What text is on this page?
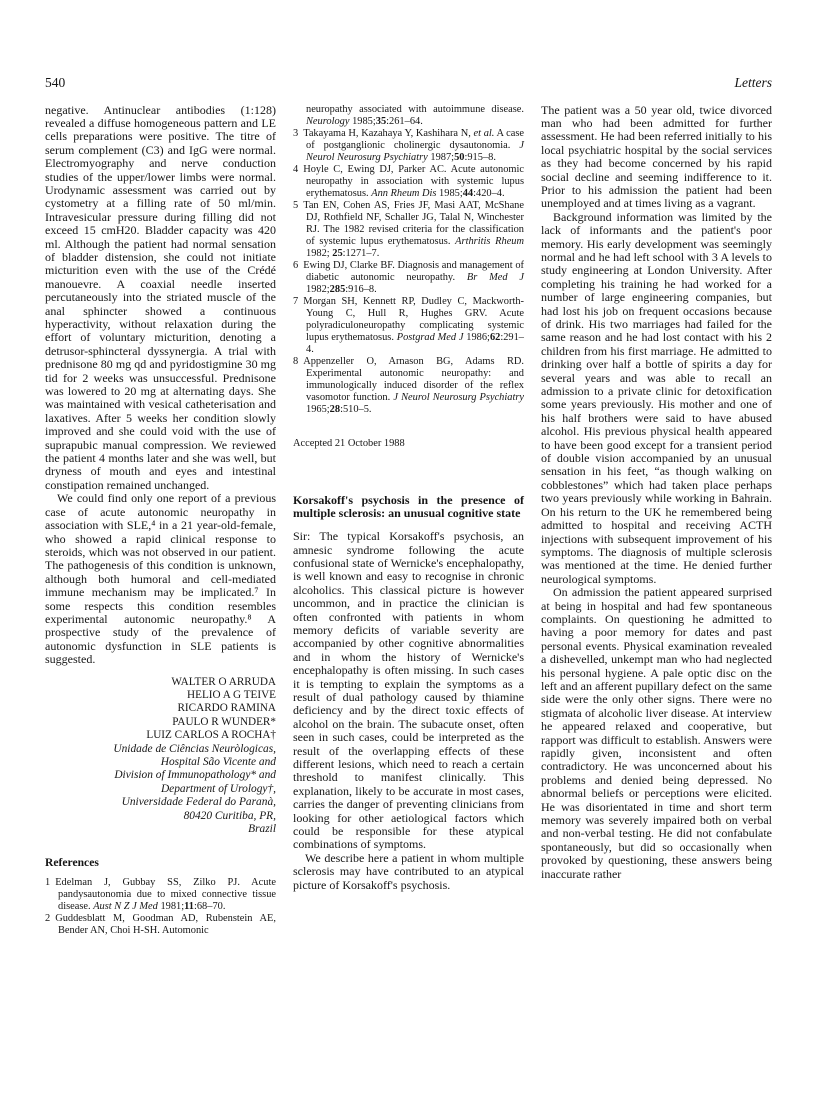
540	Letters

negative. Antinuclear antibodies (1:128) revealed a diffuse homogeneous pattern and LE cells preparations were positive. The titre of serum complement (C3) and IgG were normal. Electromyography and nerve conduction studies of the upper/lower limbs were normal. Urodynamic assessment was carried out by cystometry at a filling rate of 50 ml/min. Intravesicular pressure during filling did not exceed 15 cmH20. Bladder capacity was 420 ml. Although the patient had normal sensation of bladder distension, she could not initiate micturition even with the use of the Crédé manouevre. A coaxial needle inserted percutaneously into the striated muscle of the anal sphincter showed a continuous hyperactivity, without relaxation during the effort of voluntary micturition, denoting a detrusor-sphincteral dyssynergia. A trial with prednisone 80 mg qd and pyridostigmine 30 mg tid for 2 weeks was unsuccessful. Prednisone was lowered to 20 mg at alternating days. She was maintained with vesical catheterisation and laxatives. After 5 weeks her condition slowly improved and she could void with the use of suprapubic manual compression. We reviewed the patient 4 months later and she was well, but dryness of mouth and eyes and intestinal constipation remained unchanged.

We could find only one report of a previous case of acute autonomic neuropathy in association with SLE,⁴ in a 21 year-old-female, who showed a rapid clinical response to steroids, which was not observed in our patient. The pathogenesis of this condition is unknown, although both humoral and cell-mediated immune mechanism may be implicated.⁷ In some respects this condition resembles experimental autonomic neuropathy.⁸ A prospective study of the prevalence of autonomic dysfunction in SLE patients is suggested.

WALTER O ARRUDA
HELIO A G TEIVE
RICARDO RAMINA
PAULO R WUNDER*
LUIZ CARLOS A ROCHA†
Unidade de Ciências Neuròlogicas,
Hospital São Vicente and
Division of Immunopathology* and
Department of Urology†,
Universidade Federal do Paranà,
80420 Curitiba, PR,
Brazil
References

1 Edelman J, Gubbay SS, Zilko PJ. Acute pandysautonomia due to mixed connective tissue disease. Aust N Z J Med 1981;11:68–70.

2 Guddesblatt M, Goodman AD, Rubenstein AE, Bender AN, Choi H-SH. Automonic

neuropathy associated with autoimmune disease. Neurology 1985;35:261–64.

3 Takayama H, Kazahaya Y, Kashihara N, et al. A case of postganglionic cholinergic dysautonomia. J Neurol Neurosurg Psychiatry 1987;50:915–8.

4 Hoyle C, Ewing DJ, Parker AC. Acute autonomic neuropathy in association with systemic lupus erythematosus. Ann Rheum Dis 1985;44:420–4.

5 Tan EN, Cohen AS, Fries JF, Masi AAT, McShane DJ, Rothfield NF, Schaller JG, Talal N, Winchester RJ. The 1982 revised criteria for the classification of systemic lupus erythematosus. Arthritis Rheum 1982; 25:1271–7.

6 Ewing DJ, Clarke BF. Diagnosis and management of diabetic autonomic neuropathy. Br Med J 1982;285:916–8.

7 Morgan SH, Kennett RP, Dudley C, Mackworth-Young C, Hull R, Hughes GRV. Acute polyradiculoneuropathy complicating systemic lupus erythematosus. Postgrad Med J 1986;62:291–4.

8 Appenzeller O, Arnason BG, Adams RD. Experimental autonomic neuropathy: and immunologically induced disorder of the reflex vasomotor function. J Neurol Neurosurg Psychiatry 1965;28:510–5.

Accepted 21 October 1988

Korsakoff's psychosis in the presence of multiple sclerosis: an unusual cognitive state

Sir: The typical Korsakoff's psychosis, an amnesic syndrome following the acute confusional state of Wernicke's encephalopathy, is well known and easy to recognise in chronic alcoholics. This classical picture is however uncommon, and in practice the clinician is often confronted with patients in whom memory deficits of variable severity are accompanied by other cognitive abnormalities and in whom the history of Wernicke's encephalopathy is often missing. In such cases it is tempting to explain the symptoms as a result of dual pathology caused by thiamine deficiency and by the direct toxic effects of alcohol on the brain. The subacute onset, often seen in such cases, could be interpreted as the result of the overlapping effects of these different lesions, which need to reach a certain threshold to manifest clinically. This explanation, likely to be accurate in most cases, carries the danger of preventing clinicians from looking for other aetiological factors which could be responsible for these atypical combinations of symptoms.

We describe here a patient in whom multiple sclerosis may have contributed to an atypical picture of Korsakoff's psychosis.

The patient was a 50 year old, twice divorced man who had been admitted for further assessment. He had been referred initially to his local psychiatric hospital by the social services as they had become concerned by his rapid social decline and seeming indifference to it. Prior to his admission the patient had been unemployed and at times living as a vagrant.

Background information was limited by the lack of informants and the patient's poor memory. His early development was seemingly normal and he had left school with 3 A levels to study engineering at London University. After completing his training he had worked for a number of large engineering companies, but had lost his job on frequent occasions because of drink. His two marriages had failed for the same reason and he had lost contact with his 2 children from his first marriage. He admitted to drinking over half a bottle of spirits a day for several years and was able to recall an admission to a private clinic for detoxification some years previously. His mother and one of his half brothers were said to have abused alcohol. His previous physical health appeared to have been good except for a transient period of double vision accompanied by an unusual sensation in his feet, “as though walking on cobblestones” which had taken place perhaps two years previously while working in Bahrain. On his return to the UK he remembered being admitted to hospital and receiving ACTH injections with subsequent improvement of his symptoms. The diagnosis of multiple sclerosis was mentioned at the time. He denied further neurological symptoms.

On admission the patient appeared surprised at being in hospital and had few spontaneous complaints. On questioning he admitted to having a poor memory for dates and past personal events. Physical examination revealed a dishevelled, unkempt man who had neglected his personal hygiene. A pale optic disc on the left and an afferent pupillary defect on the same side were the only other signs. There were no stigmata of alcoholic liver disease. At interview he appeared relaxed and cooperative, but rapport was difficult to establish. Answers were rapidly given, inconsistent and often contradictory. He was unconcerned about his problems and denied being depressed. No abnormal beliefs or perceptions were elicited. He was disorientated in time and short term memory was severely impaired both on verbal and non-verbal testing. He did not confabulate spontaneously, but did so occasionally when provoked by questioning, these answers being inaccurate rather
